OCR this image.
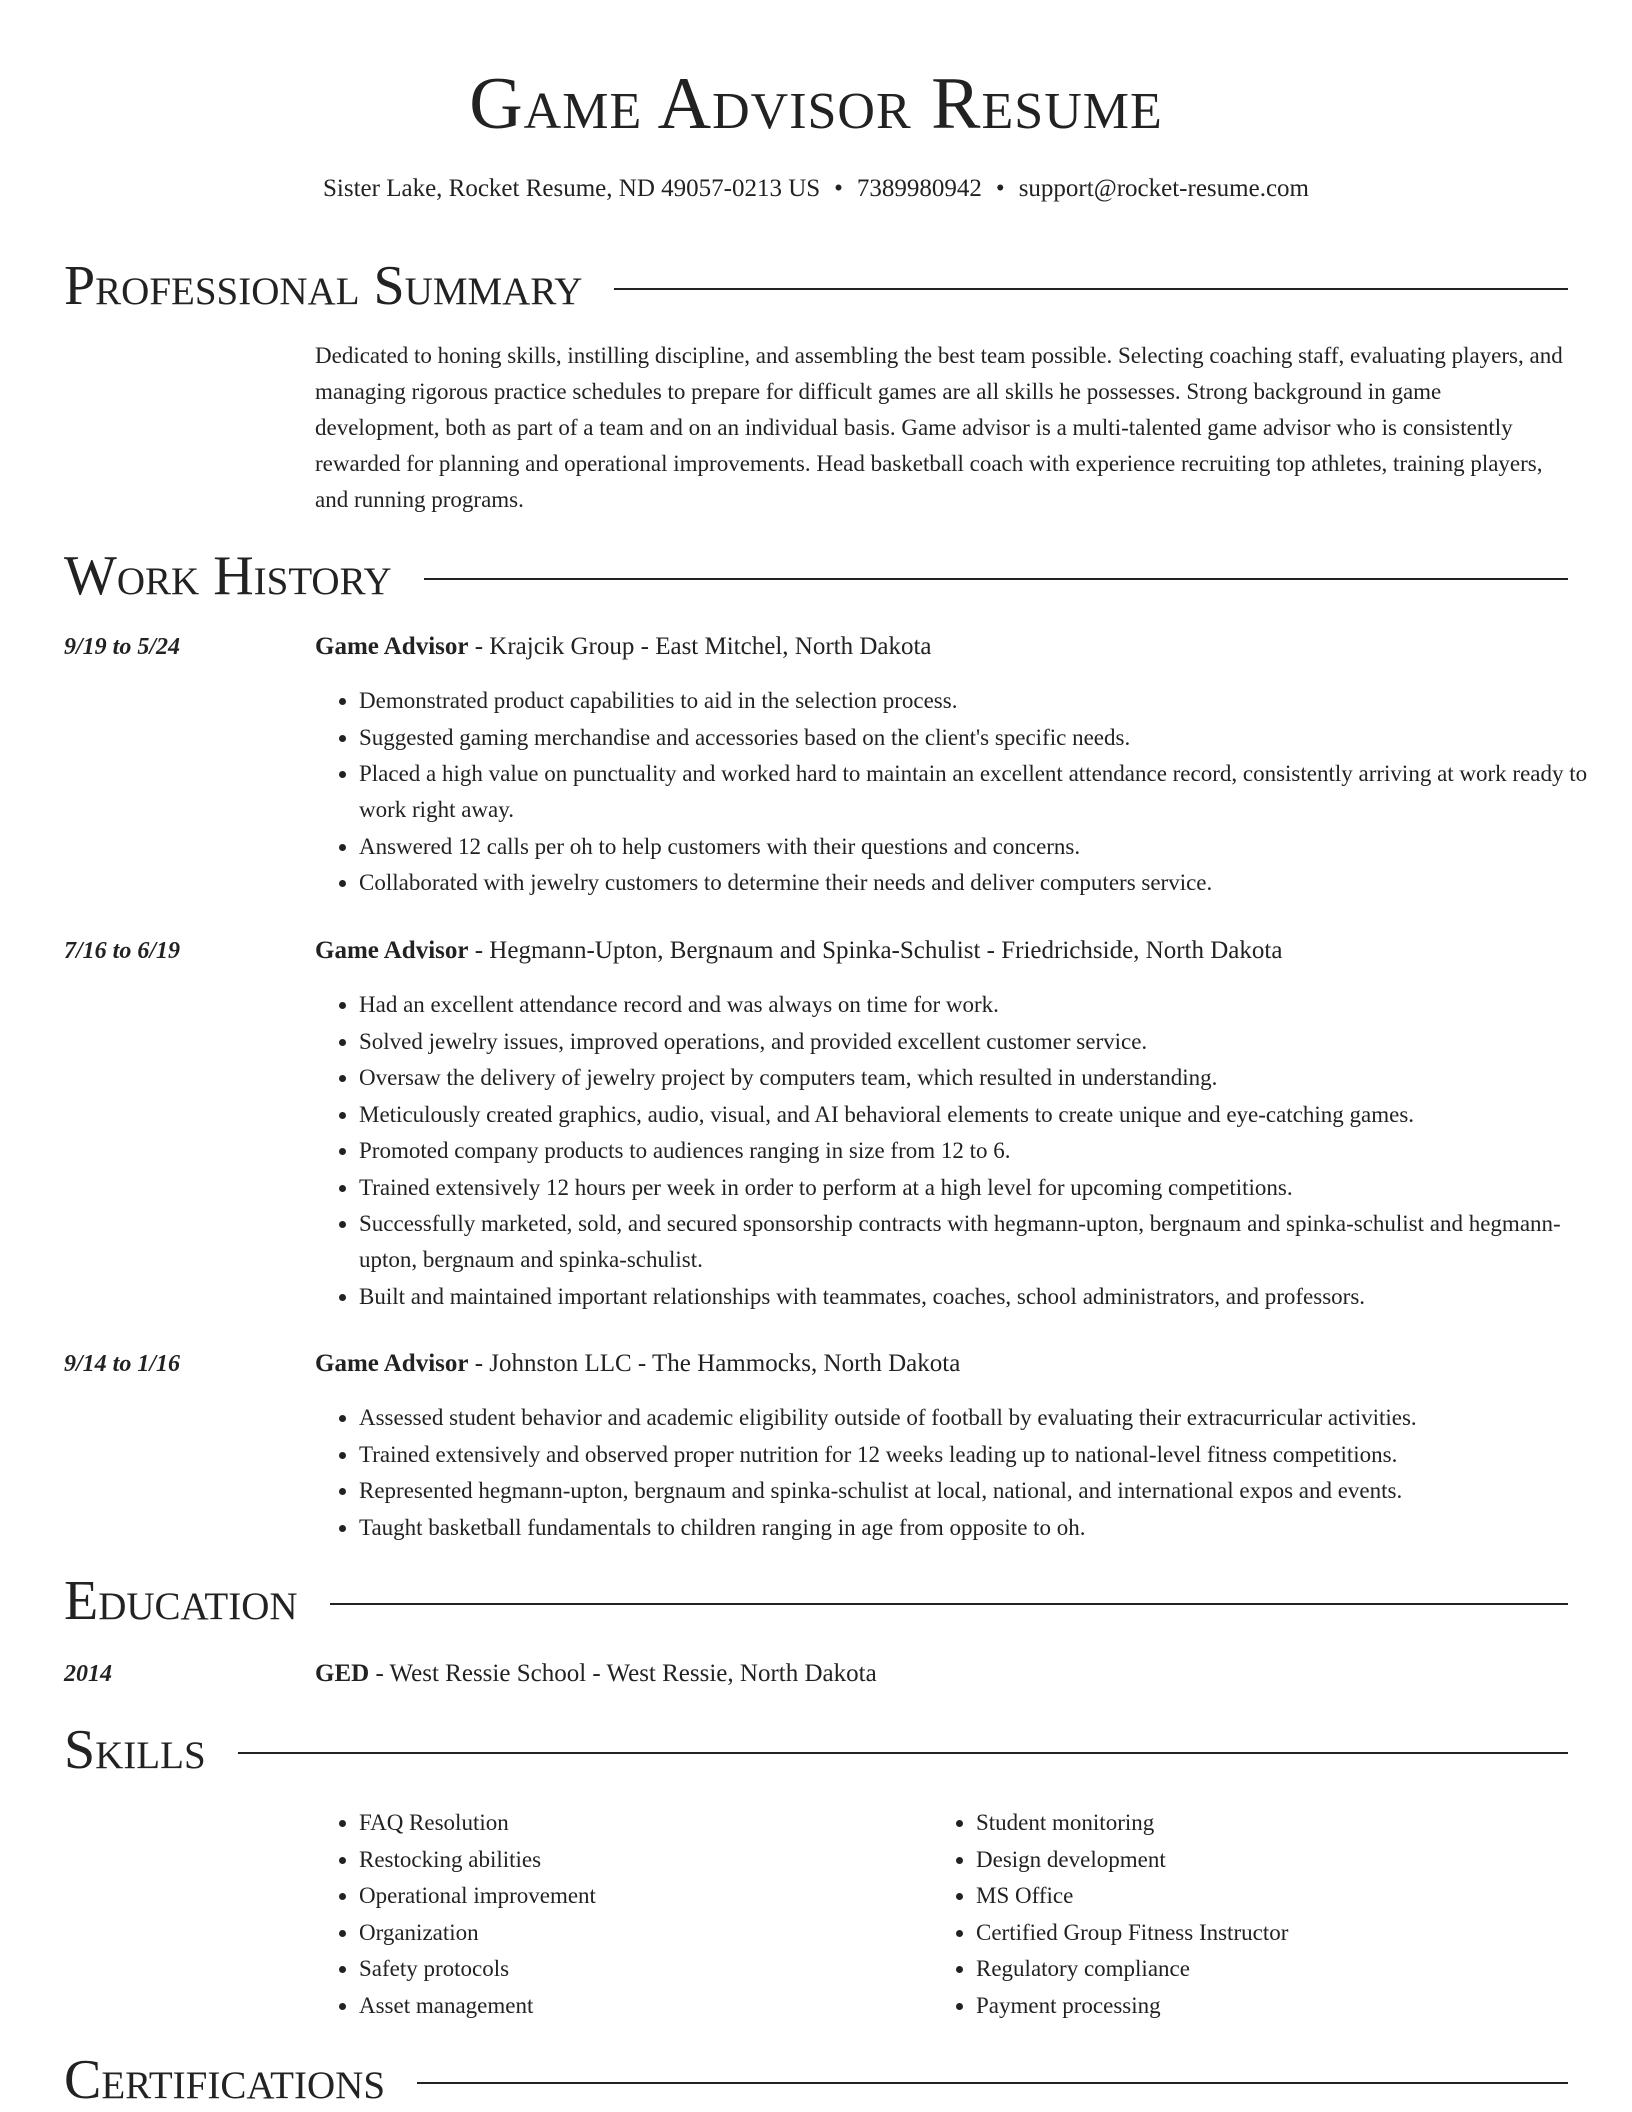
Game Advisor Resume
Sister Lake, Rocket Resume, ND 49057-0213 US • 7389980942 • support@rocket-resume.com
Professional Summary

Dedicated to honing skills, instilling discipline, and assembling the best team possible. Selecting coaching staff, evaluating players, and managing rigorous practice schedules to prepare for difficult games are all skills he possesses. Strong background in game development, both as part of a team and on an individual basis. Game advisor is a multi-talented game advisor who is consistently rewarded for planning and operational improvements. Head basketball coach with experience recruiting top athletes, training players, and running programs.

Work History
9/19 to 5/24	Game Advisor - Krajcik Group - East Mitchel, North Dakota
• Demonstrated product capabilities to aid in the selection process.
• Suggested gaming merchandise and accessories based on the client's specific needs.
• Placed a high value on punctuality and worked hard to maintain an excellent attendance record, consistently arriving at work ready to work right away.
• Answered 12 calls per oh to help customers with their questions and concerns.
• Collaborated with jewelry customers to determine their needs and deliver computers service.
7/16 to 6/19	Game Advisor - Hegmann-Upton, Bergnaum and Spinka-Schulist - Friedrichside, North Dakota
• Had an excellent attendance record and was always on time for work.
• Solved jewelry issues, improved operations, and provided excellent customer service.
• Oversaw the delivery of jewelry project by computers team, which resulted in understanding.
• Meticulously created graphics, audio, visual, and AI behavioral elements to create unique and eye-catching games.
• Promoted company products to audiences ranging in size from 12 to 6.
• Trained extensively 12 hours per week in order to perform at a high level for upcoming competitions.
• Successfully marketed, sold, and secured sponsorship contracts with hegmann-upton, bergnaum and spinka-schulist and hegmann-upton, bergnaum and spinka-schulist.
• Built and maintained important relationships with teammates, coaches, school administrators, and professors.
9/14 to 1/16	Game Advisor - Johnston LLC - The Hammocks, North Dakota
• Assessed student behavior and academic eligibility outside of football by evaluating their extracurricular activities.
• Trained extensively and observed proper nutrition for 12 weeks leading up to national-level fitness competitions.
• Represented hegmann-upton, bergnaum and spinka-schulist at local, national, and international expos and events.
• Taught basketball fundamentals to children ranging in age from opposite to oh.
Education
2014	GED - West Ressie School - West Ressie, North Dakota
Skills
• FAQ Resolution
• Restocking abilities
• Operational improvement
• Organization
• Safety protocols
• Asset management
• Student monitoring
• Design development
• MS Office
• Certified Group Fitness Instructor
• Regulatory compliance
• Payment processing
Certifications
